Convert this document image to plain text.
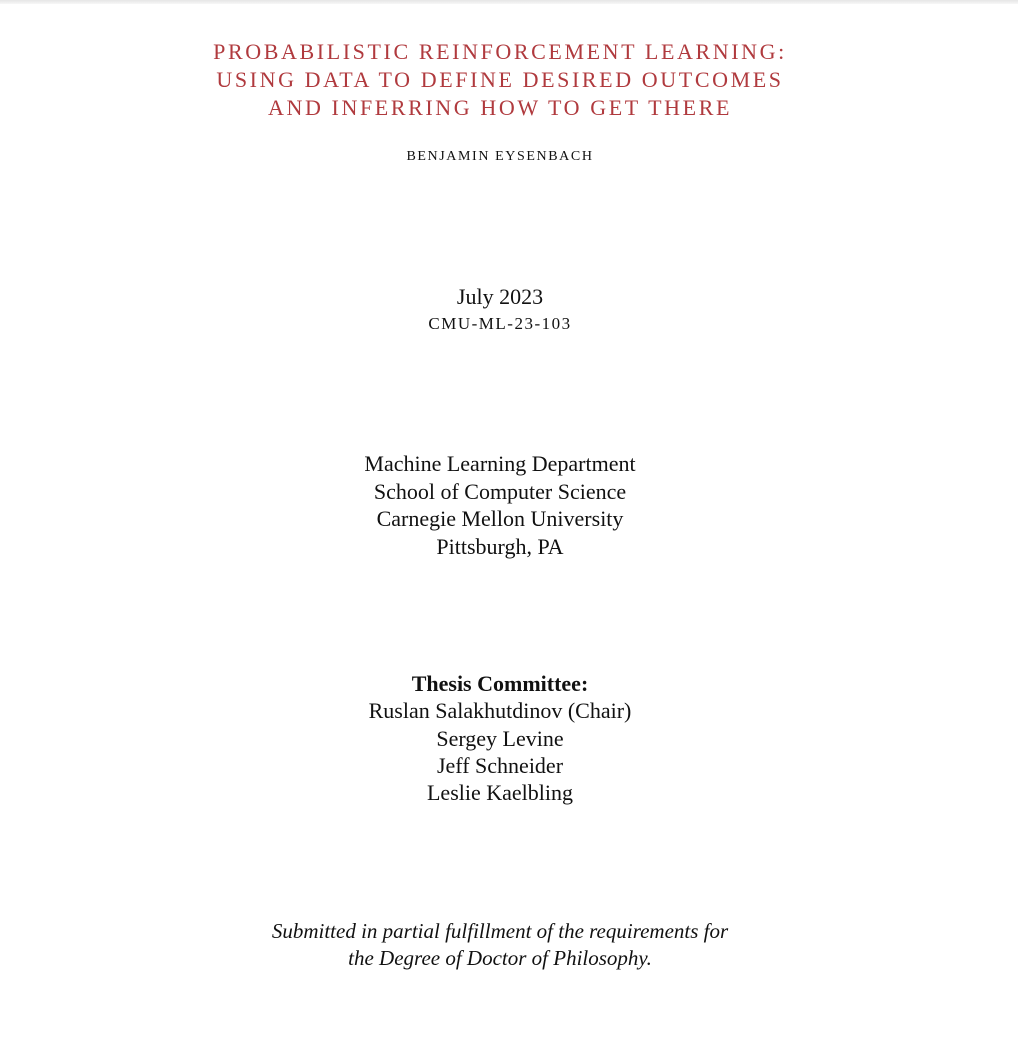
PROBABILISTIC REINFORCEMENT LEARNING:
USING DATA TO DEFINE DESIRED OUTCOMES
AND INFERRING HOW TO GET THERE
BENJAMIN EYSENBACH
July 2023
CMU-ML-23-103
Machine Learning Department
School of Computer Science
Carnegie Mellon University
Pittsburgh, PA
Thesis Committee:
Ruslan Salakhutdinov (Chair)
Sergey Levine
Jeff Schneider
Leslie Kaelbling
Submitted in partial fulfillment of the requirements for
the Degree of Doctor of Philosophy.
